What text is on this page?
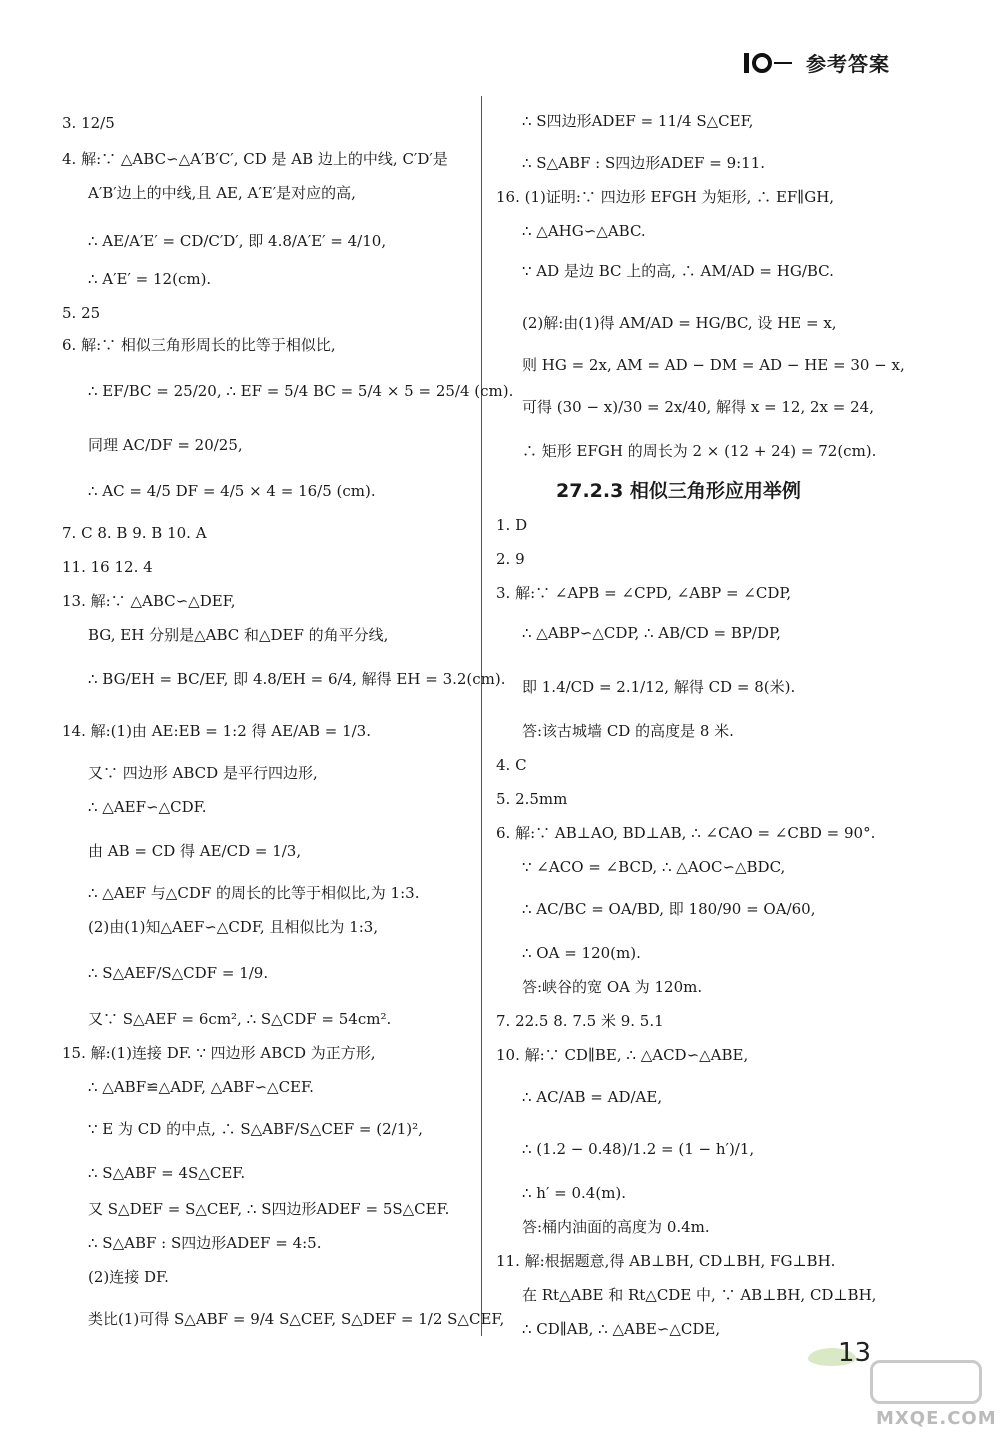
参考答案
3. 12/5
4. 解:∵ △ABC∽△A′B′C′, CD 是 AB 边上的中线, C′D′是
A′B′边上的中线,且 AE, A′E′是对应的高,
∴ AE/A′E′ = CD/C′D′, 即 4.8/A′E′ = 4/10,
∴ A′E′ = 12(cm).
5. 25
6. 解:∵ 相似三角形周长的比等于相似比,
∴ EF/BC = 25/20, ∴ EF = 5/4 BC = 5/4 × 5 = 25/4 (cm).
同理 AC/DF = 20/25,
∴ AC = 4/5 DF = 4/5 × 4 = 16/5 (cm).
7. C 8. B 9. B 10. A
11. 16 12. 4
13. 解:∵ △ABC∽△DEF,
BG, EH 分别是△ABC 和△DEF 的角平分线,
∴ BG/EH = BC/EF, 即 4.8/EH = 6/4, 解得 EH = 3.2(cm).
14. 解:(1)由 AE:EB = 1:2 得 AE/AB = 1/3.
又∵ 四边形 ABCD 是平行四边形,
∴ △AEF∽△CDF.
由 AB = CD 得 AE/CD = 1/3,
∴ △AEF 与△CDF 的周长的比等于相似比,为 1:3.
(2)由(1)知△AEF∽△CDF, 且相似比为 1:3,
∴ S△AEF/S△CDF = 1/9.
又∵ S△AEF = 6cm², ∴ S△CDF = 54cm².
15. 解:(1)连接 DF. ∵ 四边形 ABCD 为正方形,
∴ △ABF≌△ADF, △ABF∽△CEF.
∵ E 为 CD 的中点, ∴ S△ABF/S△CEF = (2/1)²,
∴ S△ABF = 4S△CEF.
又 S△DEF = S△CEF, ∴ S四边形ADEF = 5S△CEF.
∴ S△ABF : S四边形ADEF = 4:5.
(2)连接 DF.
类比(1)可得 S△ABF = 9/4 S△CEF, S△DEF = 1/2 S△CEF,
27.2.3 相似三角形应用举例
∴ S四边形ADEF = 11/4 S△CEF,
∴ S△ABF : S四边形ADEF = 9:11.
16. (1)证明:∵ 四边形 EFGH 为矩形, ∴ EF∥GH,
∴ △AHG∽△ABC.
∵ AD 是边 BC 上的高, ∴ AM/AD = HG/BC.
(2)解:由(1)得 AM/AD = HG/BC, 设 HE = x,
则 HG = 2x, AM = AD − DM = AD − HE = 30 − x,
可得 (30 − x)/30 = 2x/40, 解得 x = 12, 2x = 24,
∴ 矩形 EFGH 的周长为 2 × (12 + 24) = 72(cm).
1. D
2. 9
3. 解:∵ ∠APB = ∠CPD, ∠ABP = ∠CDP,
∴ △ABP∽△CDP, ∴ AB/CD = BP/DP,
即 1.4/CD = 2.1/12, 解得 CD = 8(米).
答:该古城墙 CD 的高度是 8 米.
4. C
5. 2.5mm
6. 解:∵ AB⊥AO, BD⊥AB, ∴ ∠CAO = ∠CBD = 90°.
∵ ∠ACO = ∠BCD, ∴ △AOC∽△BDC,
∴ AC/BC = OA/BD, 即 180/90 = OA/60,
∴ OA = 120(m).
答:峡谷的宽 OA 为 120m.
7. 22.5 8. 7.5 米 9. 5.1
10. 解:∵ CD∥BE, ∴ △ACD∽△ABE,
∴ AC/AB = AD/AE,
∴ (1.2 − 0.48)/1.2 = (1 − h′)/1,
∴ h′ = 0.4(m).
答:桶内油面的高度为 0.4m.
11. 解:根据题意,得 AB⊥BH, CD⊥BH, FG⊥BH.
在 Rt△ABE 和 Rt△CDE 中, ∵ AB⊥BH, CD⊥BH,
∴ CD∥AB, ∴ △ABE∽△CDE,
13
MXQE.COM
